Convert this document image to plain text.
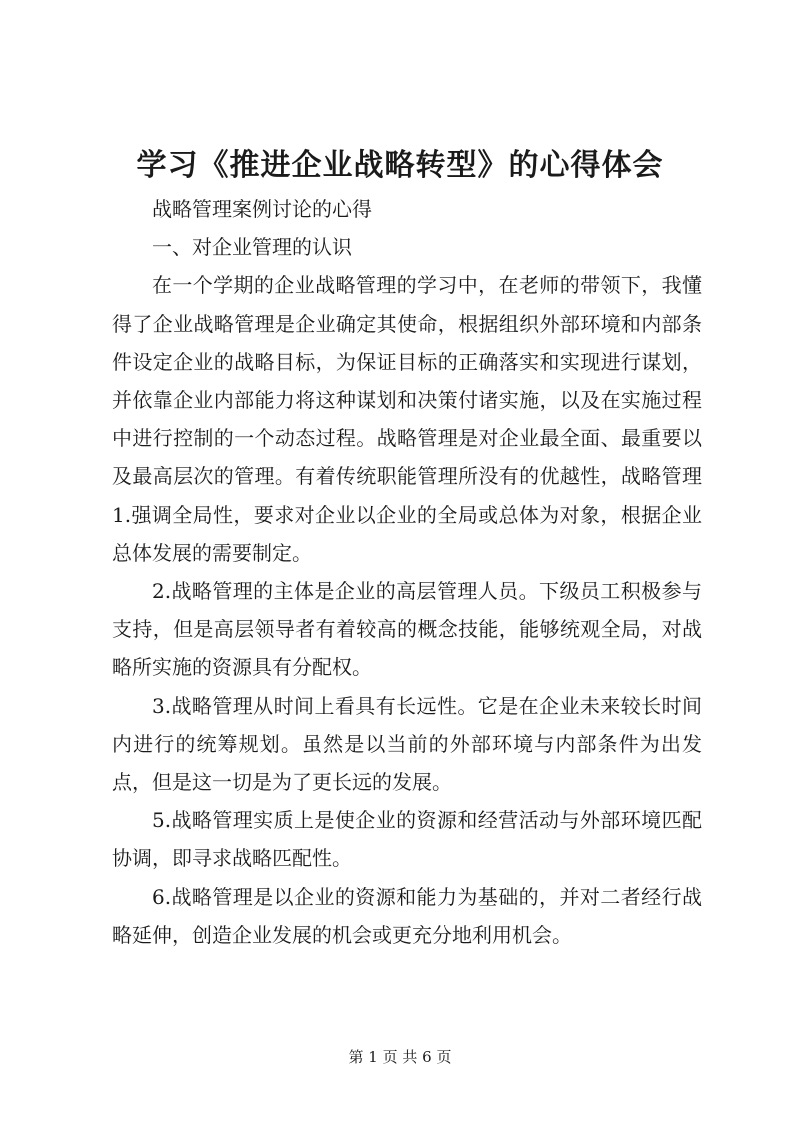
学习《推进企业战略转型》的心得体会

战略管理案例讨论的心得

一、对企业管理的认识

在一个学期的企业战略管理的学习中，在老师的带领下，我懂得了企业战略管理是企业确定其使命，根据组织外部环境和内部条件设定企业的战略目标，为保证目标的正确落实和实现进行谋划，并依靠企业内部能力将这种谋划和决策付诸实施，以及在实施过程中进行控制的一个动态过程。战略管理是对企业最全面、最重要以及最高层次的管理。有着传统职能管理所没有的优越性，战略管理 1.强调全局性，要求对企业以企业的全局或总体为对象，根据企业总体发展的需要制定。

2.战略管理的主体是企业的高层管理人员。下级员工积极参与支持，但是高层领导者有着较高的概念技能，能够统观全局，对战略所实施的资源具有分配权。

3.战略管理从时间上看具有长远性。它是在企业未来较长时间内进行的统筹规划。虽然是以当前的外部环境与内部条件为出发点，但是这一切是为了更长远的发展。

5.战略管理实质上是使企业的资源和经营活动与外部环境匹配协调，即寻求战略匹配性。

6.战略管理是以企业的资源和能力为基础的，并对二者经行战略延伸，创造企业发展的机会或更充分地利用机会。

第 1 页 共 6 页
